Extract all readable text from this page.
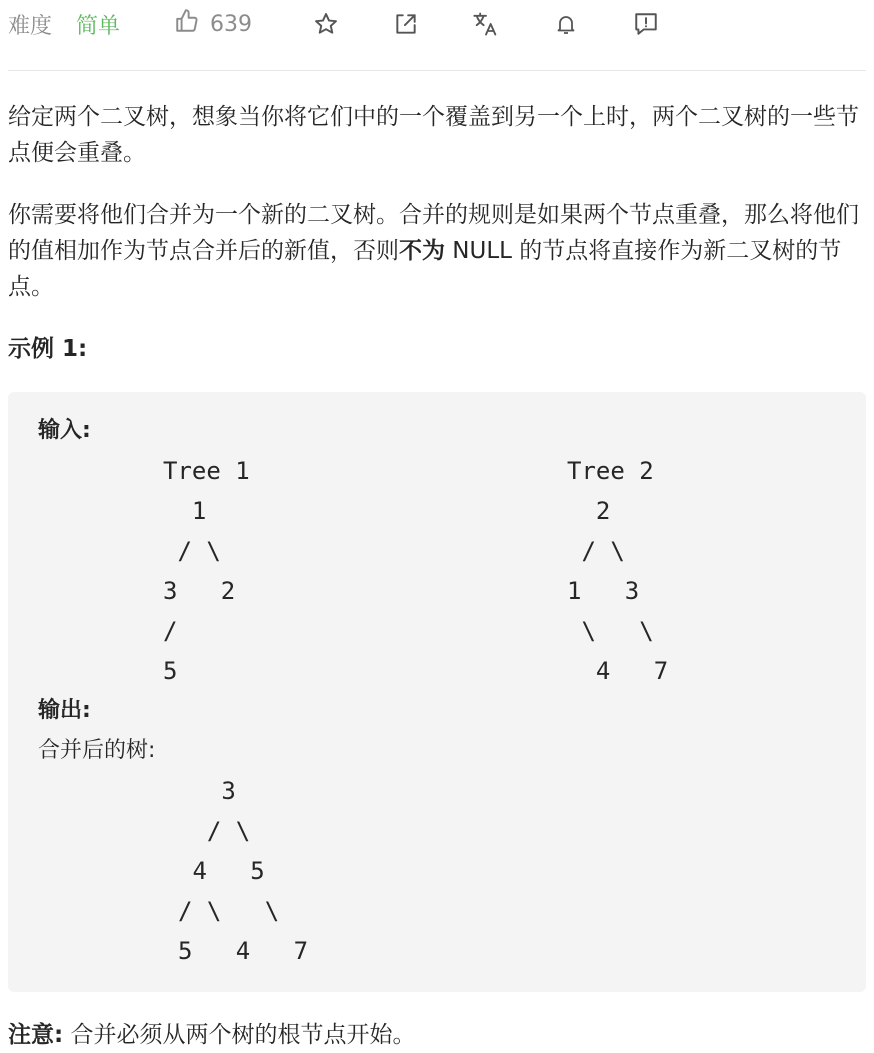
难度 简单	639

给定两个二叉树，想象当你将它们中的一个覆盖到另一个上时，两个二叉树的一些节点便会重叠。

你需要将他们合并为一个新的二叉树。合并的规则是如果两个节点重叠，那么将他们的值相加作为节点合并后的新值，否则不为 NULL 的节点将直接作为新二叉树的节点。

示例 1:

输入:
Tree 1
1
/ \
3   2
/
5
Tree 2
2
/ \
1   3
\   \
4   7
输出:
合并后的树:
3
/ \
4   5
/ \   \
5   4   7

注意: 合并必须从两个树的根节点开始。
